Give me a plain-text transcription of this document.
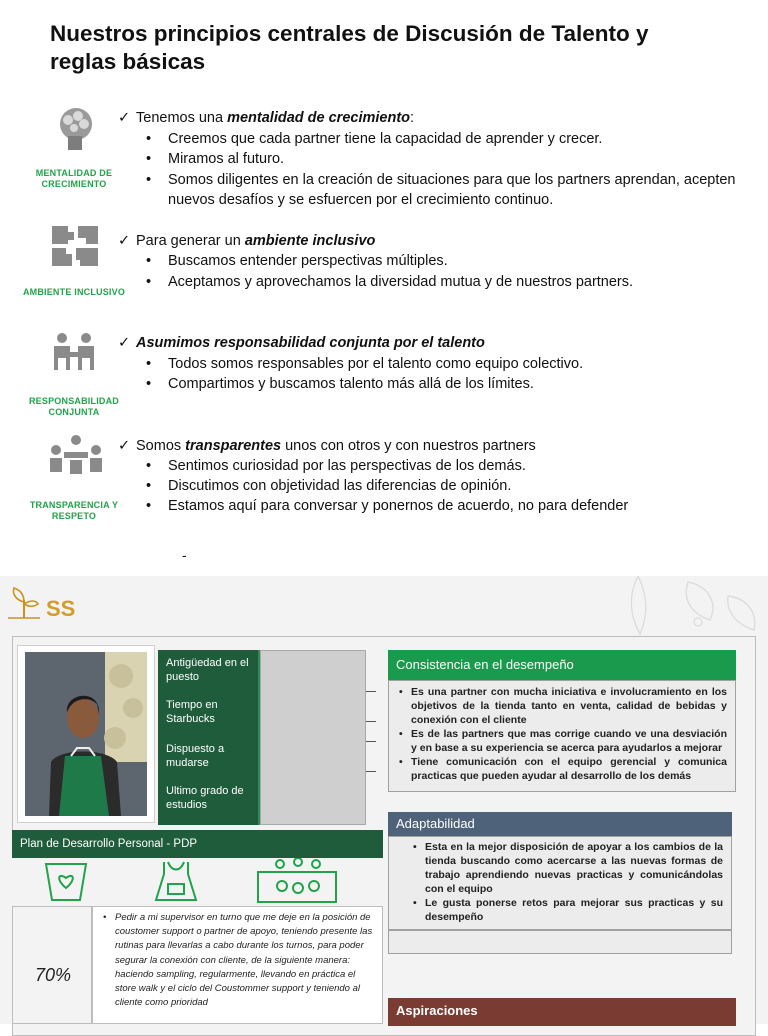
Nuestros principios centrales de Discusión de Talento y reglas básicas
MENTALIDAD DE CRECIMIENTO
✓ Tenemos una mentalidad de crecimiento:
• Creemos que cada partner tiene la capacidad de aprender y crecer.
• Miramos al futuro.
• Somos diligentes en la creación de situaciones para que los partners aprendan, acepten nuevos desafíos y se esfuercen por el crecimiento continuo.
AMBIENTE INCLUSIVO
✓ Para generar un ambiente inclusivo
• Buscamos entender perspectivas múltiples.
• Aceptamos y aprovechamos la diversidad mutua y de nuestros partners.
RESPONSABILIDAD CONJUNTA
✓ Asumimos responsabilidad conjunta por el talento
• Todos somos responsables por el talento como equipo colectivo.
• Compartimos y buscamos talento más allá de los límites.
TRANSPARENCIA Y RESPETO
✓ Somos transparentes unos con otros y con nuestros partners
• Sentimos curiosidad por las perspectivas de los demás.
• Discutimos con objetividad las diferencias de opinión.
• Estamos aquí para conversar y ponernos de acuerdo, no para defender
-
SS
Antigüedad en el puesto
Tiempo en Starbucks
Dispuesto a mudarse
Ultimo grado de estudios
Consistencia en el desempeño
• Es una partner con mucha iniciativa e involucramiento en los objetivos de la tienda tanto en venta, calidad de bebidas y conexión con el cliente
• Es de las partners que mas corrige cuando ve una desviación y en base a su experiencia se acerca para ayudarlos a mejorar
• Tiene comunicación con el equipo gerencial y comunica practicas que pueden ayudar al desarrollo de los demás
Adaptabilidad
• Esta en la mejor disposición de apoyar a los cambios de la tienda buscando como acercarse a las nuevas formas de trabajo aprendiendo nuevas practicas y comunicándolas con el equipo
• Le gusta ponerse retos para mejorar sus practicas y su desempeño
Aspiraciones
Plan de Desarrollo Personal - PDP
70%
• Pedir a mi supervisor en turno que me deje en la posición de coustomer support o partner de apoyo, teniendo presente las rutinas para llevarlas a cabo durante los turnos, para poder segurar la conexión con cliente, de la siguiente manera: haciendo sampling, regularmente, llevando en práctica el store walk y el ciclo del Coustommer support y teniendo al cliente como prioridad
